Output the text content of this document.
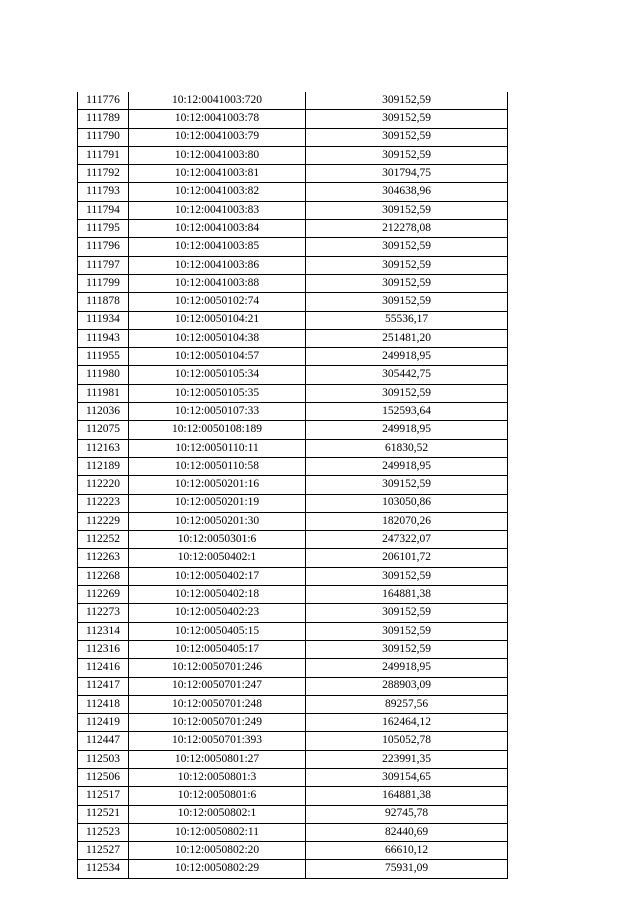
111776	10:12:0041003:720	309152,59
111789	10:12:0041003:78	309152,59
111790	10:12:0041003:79	309152,59
111791	10:12:0041003:80	309152,59
111792	10:12:0041003:81	301794,75
111793	10:12:0041003:82	304638,96
111794	10:12:0041003:83	309152,59
111795	10:12:0041003:84	212278,08
111796	10:12:0041003:85	309152,59
111797	10:12:0041003:86	309152,59
111799	10:12:0041003:88	309152,59
111878	10:12:0050102:74	309152,59
111934	10:12:0050104:21	55536,17
111943	10:12:0050104:38	251481,20
111955	10:12:0050104:57	249918,95
111980	10:12:0050105:34	305442,75
111981	10:12:0050105:35	309152,59
112036	10:12:0050107:33	152593,64
112075	10:12:0050108:189	249918,95
112163	10:12:0050110:11	61830,52
112189	10:12:0050110:58	249918,95
112220	10:12:0050201:16	309152,59
112223	10:12:0050201:19	103050,86
112229	10:12:0050201:30	182070,26
112252	10:12:0050301:6	247322,07
112263	10:12:0050402:1	206101,72
112268	10:12:0050402:17	309152,59
112269	10:12:0050402:18	164881,38
112273	10:12:0050402:23	309152,59
112314	10:12:0050405:15	309152,59
112316	10:12:0050405:17	309152,59
112416	10:12:0050701:246	249918,95
112417	10:12:0050701:247	288903,09
112418	10:12:0050701:248	89257,56
112419	10:12:0050701:249	162464,12
112447	10:12:0050701:393	105052,78
112503	10:12:0050801:27	223991,35
112506	10:12:0050801:3	309154,65
112517	10:12:0050801:6	164881,38
112521	10:12:0050802:1	92745,78
112523	10:12:0050802:11	82440,69
112527	10:12:0050802:20	66610,12
112534	10:12:0050802:29	75931,09
